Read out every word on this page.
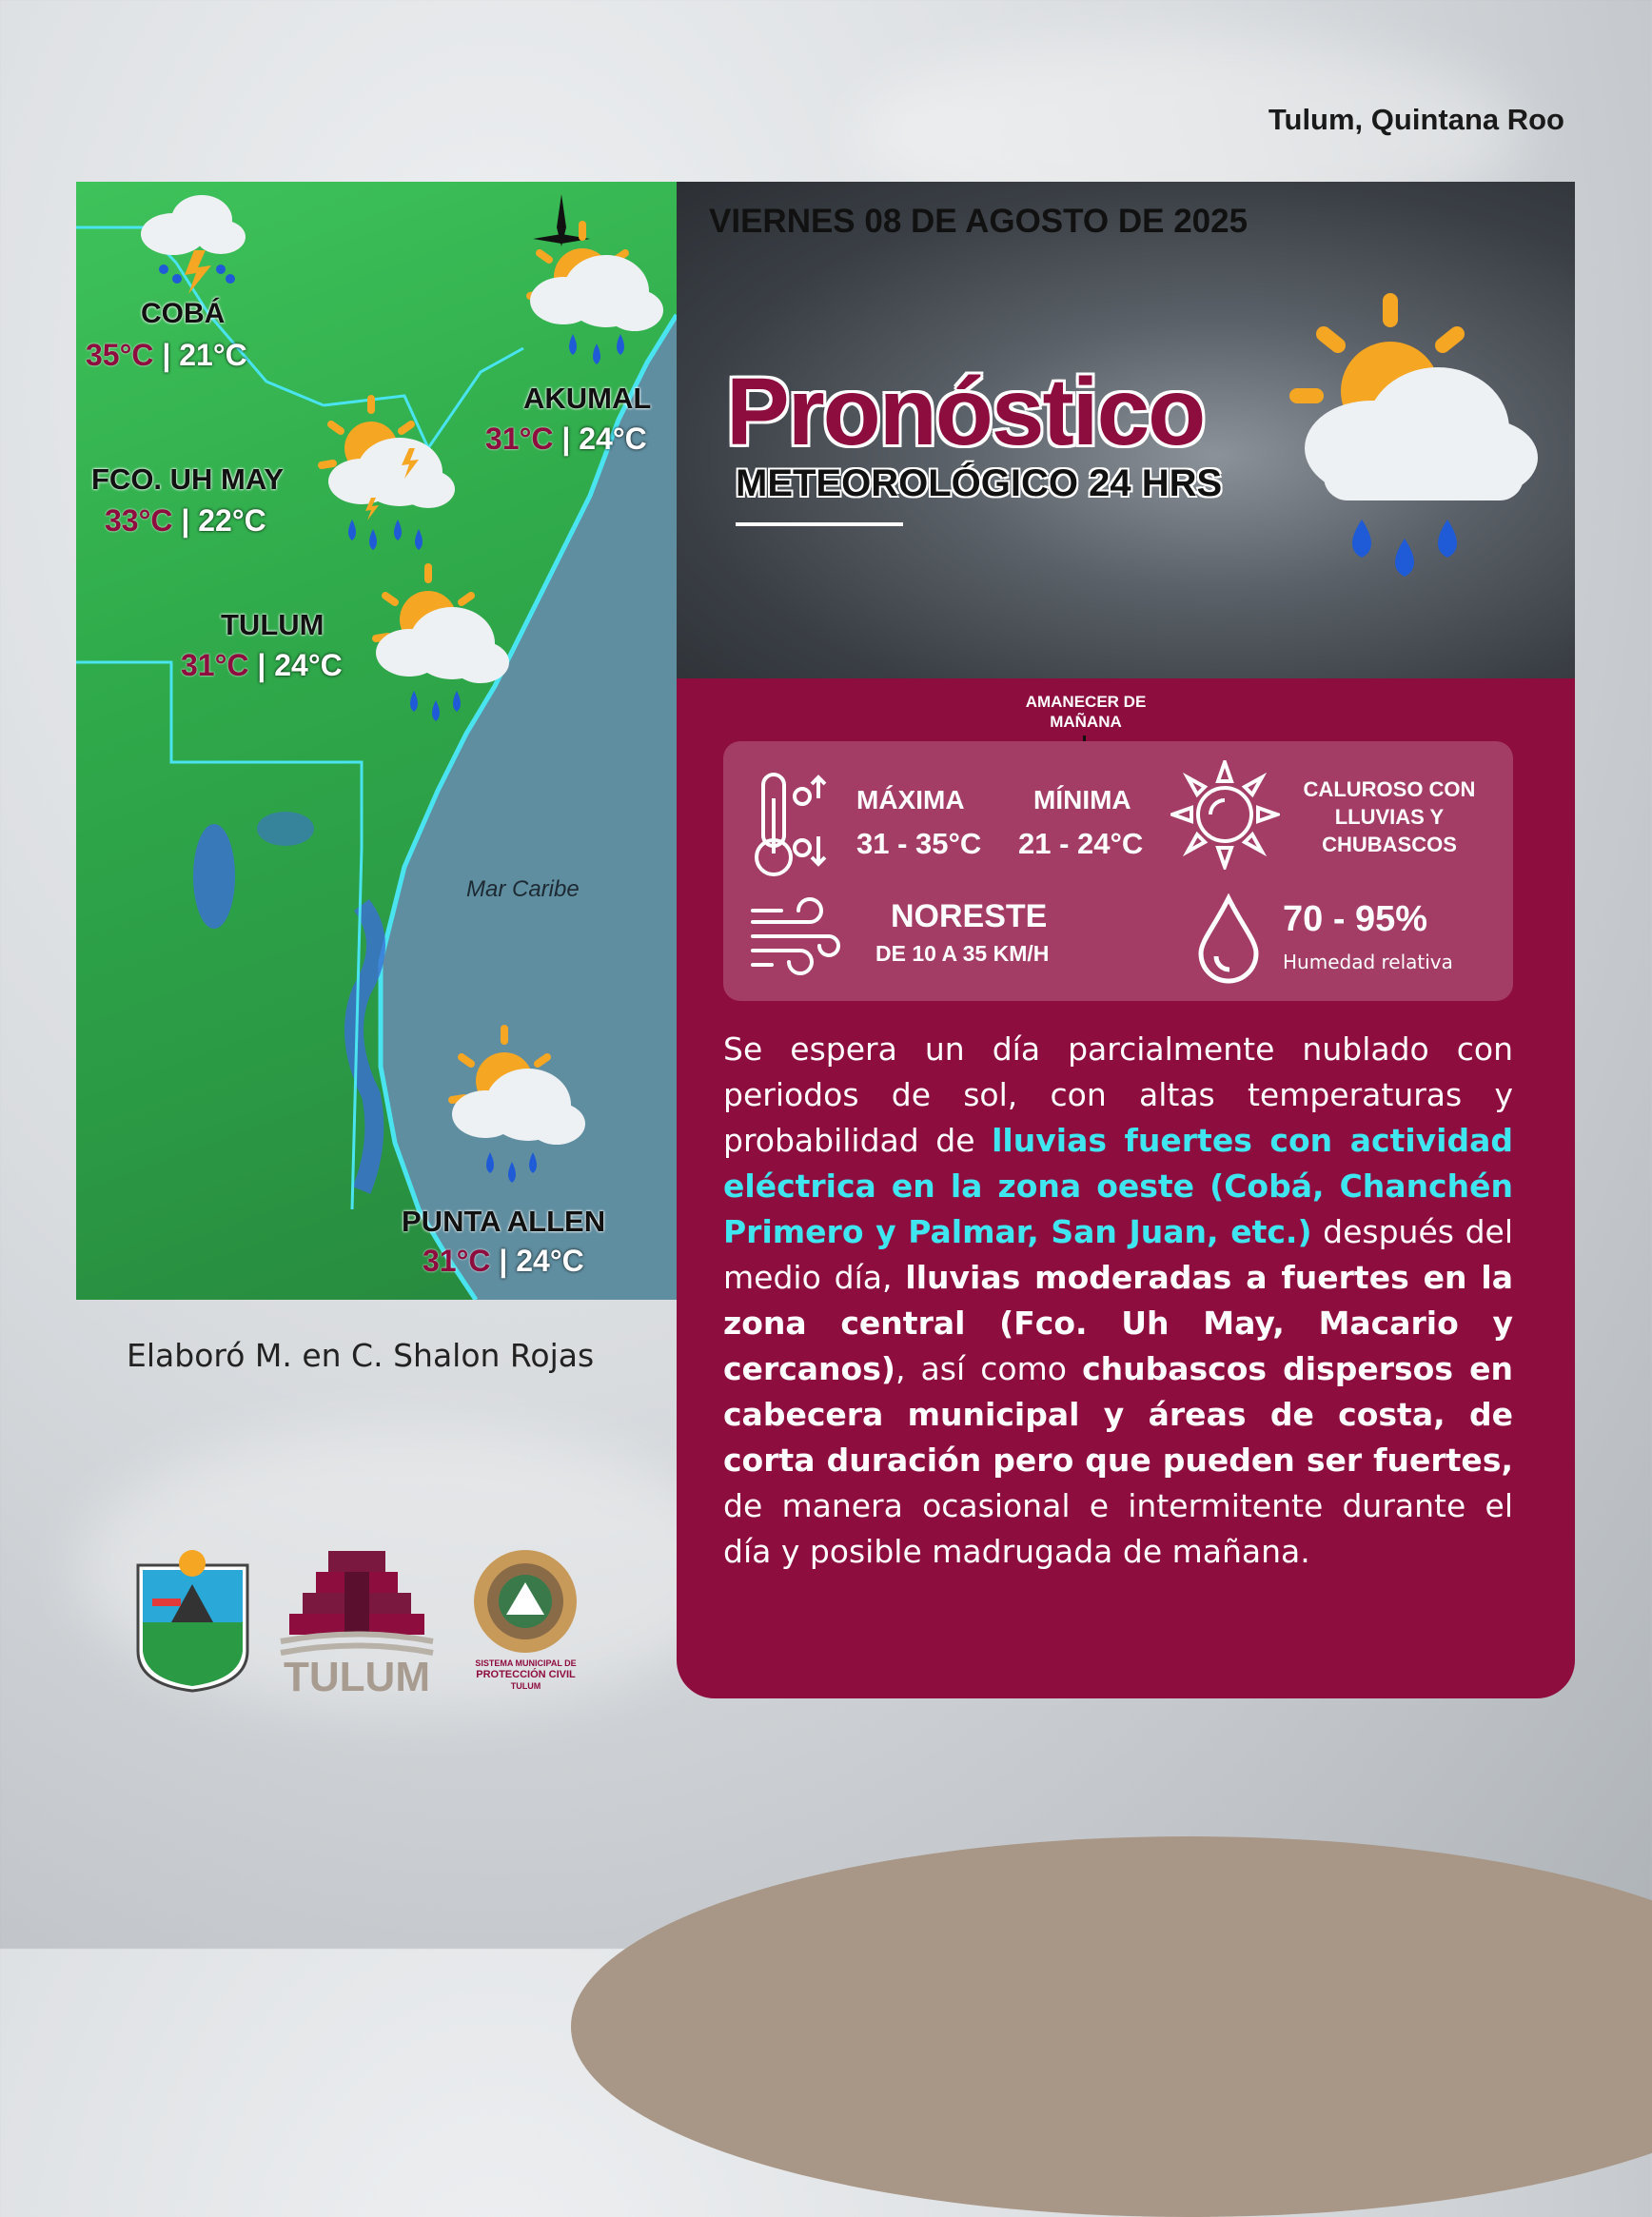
Tulum, Quintana Roo
COBÁ
35°C | 21°C
AKUMAL
31°C | 24°C
FCO. UH MAY
33°C | 22°C
TULUM
31°C | 24°C
Mar Caribe
PUNTA ALLEN
31°C | 24°C
Elaboró M. en C. Shalon Rojas
VIERNES 08 DE AGOSTO DE 2025
Pronóstico
METEOROLÓGICO 24 HRS
AMANECER DE MAÑANA
MÁXIMA
31 - 35°C
MÍNIMA
21 - 24°C
CALUROSO CON
LLUVIAS Y
CHUBASCOS
NORESTE
DE 10 A 35 KM/H
70 - 95%
Humedad relativa
Se espera un día parcialmente nublado con periodos de sol, con altas temperaturas y probabilidad de lluvias fuertes con actividad eléctrica en la zona oeste (Cobá, Chanchén Primero y Palmar, San Juan, etc.) después del medio día, lluvias moderadas a fuertes en la zona central (Fco. Uh May, Macario y cercanos), así como chubascos dispersos en cabecera municipal y áreas de costa, de corta duración pero que pueden ser fuertes, de manera ocasional e intermitente durante el día y posible madrugada de mañana.
TULUM	SISTEMA MUNICIPAL DE
PROTECCIÓN CIVIL
TULUM
